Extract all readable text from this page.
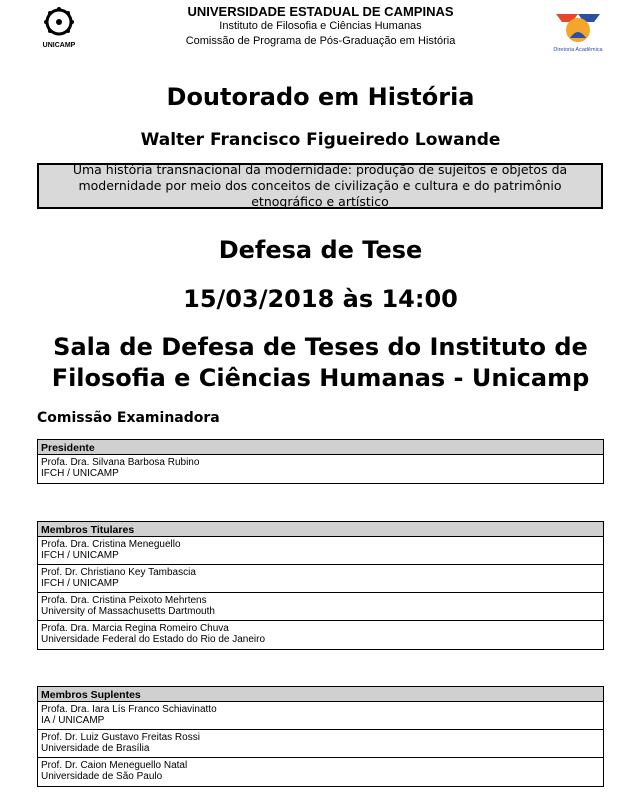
UNICAMP
UNIVERSIDADE ESTADUAL DE CAMPINAS
Instituto de Filosofia e Ciências Humanas
Comissão de Programa de Pós-Graduação em História
Diretoria Acadêmica
Doutorado em História
Walter Francisco Figueiredo Lowande
Uma história transnacional da modernidade: produção de sujeitos e objetos da modernidade por meio dos conceitos de civilização e cultura e do patrimônio etnográfico e artístico
Defesa de Tese
15/03/2018 às 14:00
Sala de Defesa de Teses do Instituto de Filosofia e Ciências Humanas - Unicamp
Comissão Examinadora
Presidente
Profa. Dra. Silvana Barbosa Rubino
IFCH / UNICAMP
Membros Titulares
Profa. Dra. Cristina Meneguello
IFCH / UNICAMP
Prof. Dr. Christiano Key Tambascia
IFCH / UNICAMP
Profa. Dra. Cristina Peixoto Mehrtens
University of Massachusetts Dartmouth
Profa. Dra. Marcia Regina Romeiro Chuva
Universidade Federal do Estado do Rio de Janeiro
Membros Suplentes
Profa. Dra. Iara Lís Franco Schiavinatto
IA / UNICAMP
Prof. Dr. Luiz Gustavo Freitas Rossi
Universidade de Brasília
Prof. Dr. Caion Meneguello Natal
Universidade de São Paulo
